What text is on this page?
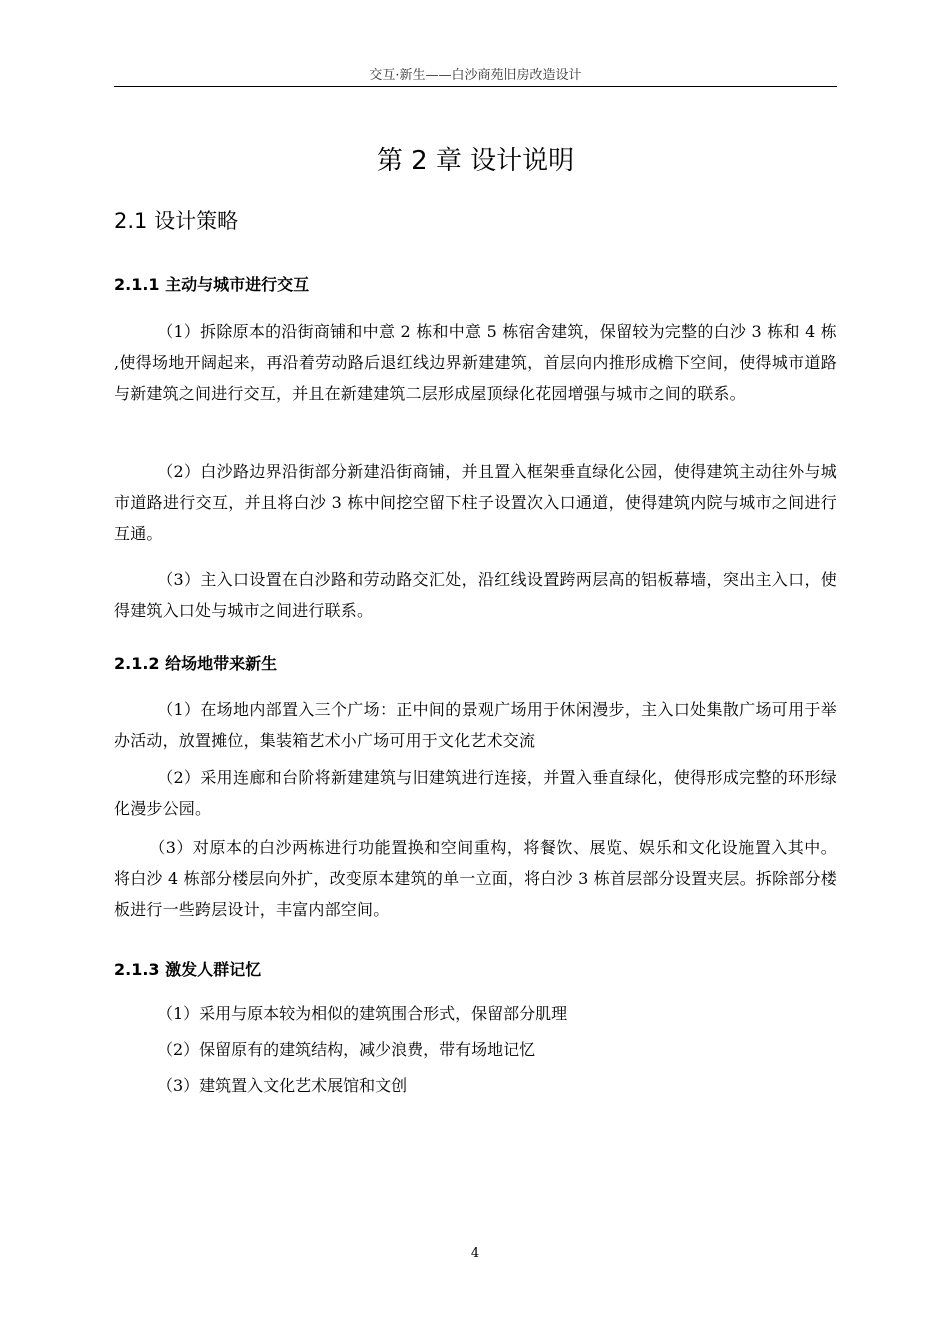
交互·新生——白沙商苑旧房改造设计
第 2 章 设计说明
2.1 设计策略
2.1.1 主动与城市进行交互
（1）拆除原本的沿街商铺和中意 2 栋和中意 5 栋宿舍建筑，保留较为完整的白沙 3 栋和 4 栋 ,使得场地开阔起来，再沿着劳动路后退红线边界新建建筑，首层向内推形成檐下空间，使得城市道路与新建筑之间进行交互，并且在新建建筑二层形成屋顶绿化花园增强与城市之间的联系。
（2）白沙路边界沿街部分新建沿街商铺，并且置入框架垂直绿化公园，使得建筑主动往外与城市道路进行交互，并且将白沙 3 栋中间挖空留下柱子设置次入口通道，使得建筑内院与城市之间进行互通。
（3）主入口设置在白沙路和劳动路交汇处，沿红线设置跨两层高的铝板幕墙，突出主入口，使得建筑入口处与城市之间进行联系。
2.1.2 给场地带来新生
（1）在场地内部置入三个广场：正中间的景观广场用于休闲漫步，主入口处集散广场可用于举办活动，放置摊位，集装箱艺术小广场可用于文化艺术交流
（2）采用连廊和台阶将新建建筑与旧建筑进行连接，并置入垂直绿化，使得形成完整的环形绿化漫步公园。
（3）对原本的白沙两栋进行功能置换和空间重构，将餐饮、展览、娱乐和文化设施置入其中。将白沙 4 栋部分楼层向外扩，改变原本建筑的单一立面，将白沙 3 栋首层部分设置夹层。拆除部分楼板进行一些跨层设计，丰富内部空间。
2.1.3 激发人群记忆
（1）采用与原本较为相似的建筑围合形式，保留部分肌理
（2）保留原有的建筑结构，减少浪费，带有场地记忆
（3）建筑置入文化艺术展馆和文创
4
